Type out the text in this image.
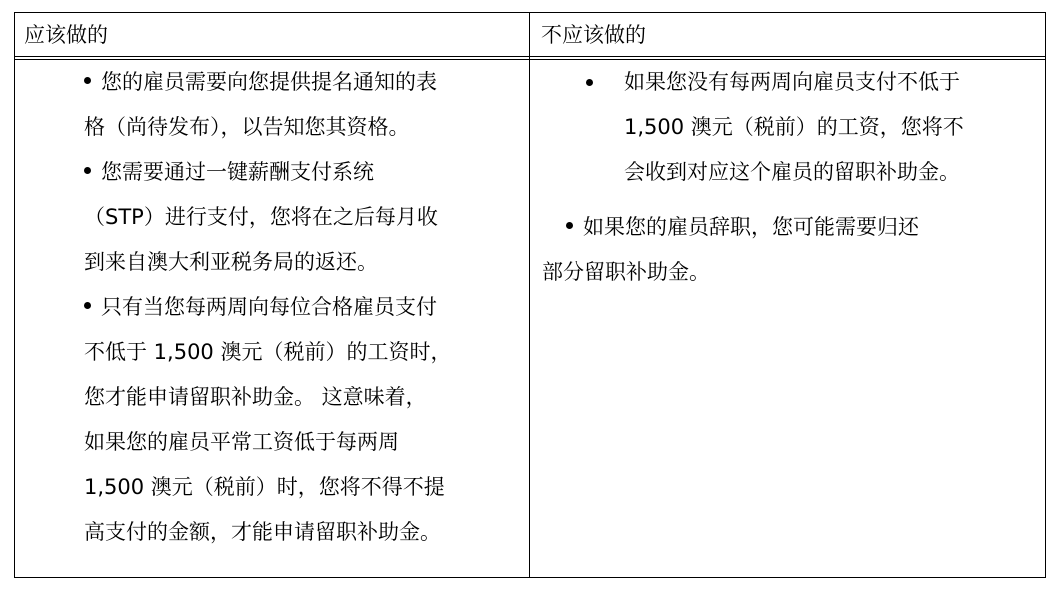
应该做的	不应该做的
您的雇员需要向您提供提名通知的表
格（尚待发布），以告知您其资格。
您需要通过一键薪酬支付系统
（STP）进行支付，您将在之后每月收
到来自澳大利亚税务局的返还。
只有当您每两周向每位合格雇员支付
不低于 1,500 澳元（税前）的工资时，
您才能申请留职补助金。 这意味着，
如果您的雇员平常工资低于每两周
1,500 澳元（税前）时，您将不得不提
高支付的金额，才能申请留职补助金。
如果您没有每两周向雇员支付不低于
1,500 澳元（税前）的工资，您将不
会收到对应这个雇员的留职补助金。
如果您的雇员辞职，您可能需要归还
部分留职补助金。
